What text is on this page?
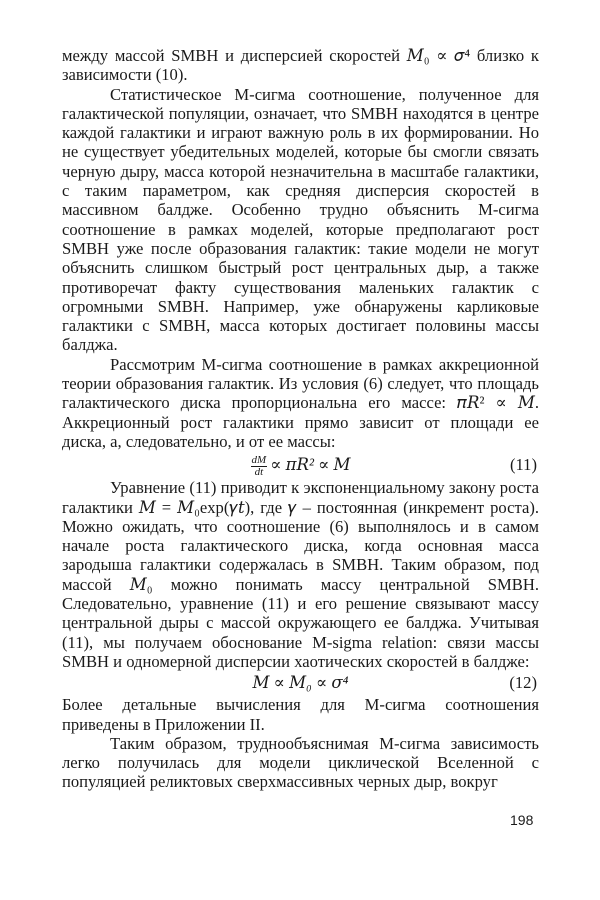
между массой SMBH и дисперсией скоростей 𝑀₀ ∝ 𝜎⁴ близко к зависимости (10).

Статистическое M-сигма соотношение, полученное для галактической популяции, означает, что SMBH находятся в центре каждой галактики и играют важную роль в их формировании. Но не существует убедительных моделей, которые бы смогли связать черную дыру, масса которой незначительна в масштабе галактики, с таким параметром, как средняя дисперсия скоростей в массивном балдже. Особенно трудно объяснить M-сигма соотношение в рамках моделей, которые предполагают рост SMBH уже после образования галактик: такие модели не могут объяснить слишком быстрый рост центральных дыр, а также противоречат факту существования маленьких галактик с огромными SMBH. Например, уже обнаружены карликовые галактики с SMBH, масса которых достигает половины массы балджа.

Рассмотрим M-сигма соотношение в рамках аккреционной теории образования галактик. Из условия (6) следует, что площадь галактического диска пропорциональна его массе: 𝜋𝑅² ∝ 𝑀. Аккреционный рост галактики прямо зависит от площади ее диска, а, следовательно, и от ее массы:

$\frac{dM}{dt}$ ∝ 𝜋𝑅² ∝ 𝑀	(11)

Уравнение (11) приводит к экспоненциальному закону роста галактики 𝑀 = 𝑀₀exp(𝛾𝑡), где 𝛾 – постоянная (инкремент роста). Можно ожидать, что соотношение (6) выполнялось и в самом начале роста галактического диска, когда основная масса зародыша галактики содержалась в SMBH. Таким образом, под массой 𝑀₀ можно понимать массу центральной SMBH. Следовательно, уравнение (11) и его решение связывают массу центральной дыры с массой окружающего ее балджа. Учитывая (11), мы получаем обоснование M-sigma relation: связи массы SMBH и одномерной дисперсии хаотических скоростей в балдже:

𝑀 ∝ 𝑀₀ ∝ 𝜎⁴	(12)

Более детальные вычисления для M-сигма соотношения приведены в Приложении II.

Таким образом, труднообъяснимая M-сигма зависимость легко получилась для модели циклической Вселенной с популяцией реликтовых сверхмассивных черных дыр, вокруг

198
